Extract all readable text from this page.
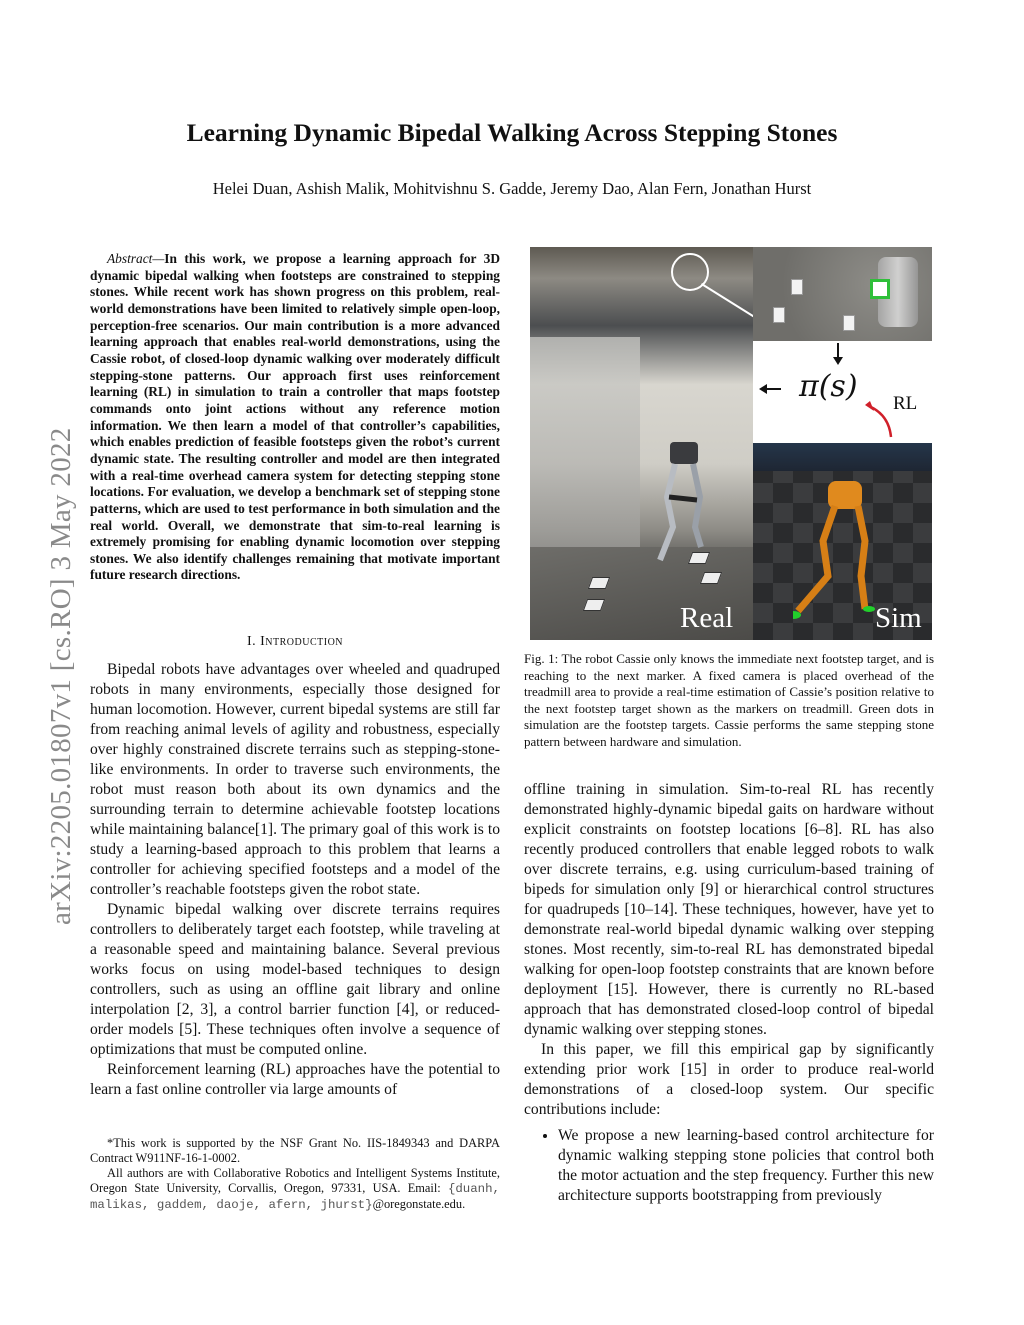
Learning Dynamic Bipedal Walking Across Stepping Stones
Helei Duan, Ashish Malik, Mohitvishnu S. Gadde, Jeremy Dao, Alan Fern, Jonathan Hurst
arXiv:2205.01807v1 [cs.RO] 3 May 2022
Abstract—In this work, we propose a learning approach for 3D dynamic bipedal walking when footsteps are constrained to stepping stones. While recent work has shown progress on this problem, real-world demonstrations have been limited to relatively simple open-loop, perception-free scenarios. Our main contribution is a more advanced learning approach that enables real-world demonstrations, using the Cassie robot, of closed-loop dynamic walking over moderately difficult stepping-stone patterns. Our approach first uses reinforcement learning (RL) in simulation to train a controller that maps footstep commands onto joint actions without any reference motion information. We then learn a model of that controller’s capabilities, which enables prediction of feasible footsteps given the robot’s current dynamic state. The resulting controller and model are then integrated with a real-time overhead camera system for detecting stepping stone locations. For evaluation, we develop a benchmark set of stepping stone patterns, which are used to test performance in both simulation and the real world. Overall, we demonstrate that sim-to-real learning is extremely promising for enabling dynamic locomotion over stepping stones. We also identify challenges remaining that motivate important future research directions.
I. Introduction

Bipedal robots have advantages over wheeled and quadruped robots in many environments, especially those designed for human locomotion. However, current bipedal systems are still far from reaching animal levels of agility and robustness, especially over highly constrained discrete terrains such as stepping-stone-like environments. In order to traverse such environments, the robot must reason both about its own dynamics and the surrounding terrain to determine achievable footstep locations while maintaining balance[1]. The primary goal of this work is to study a learning-based approach to this problem that learns a controller for achieving specified footsteps and a model of the controller’s reachable footsteps given the robot state.

Dynamic bipedal walking over discrete terrains requires controllers to deliberately target each footstep, while traveling at a reasonable speed and maintaining balance. Several previous works focus on using model-based techniques to design controllers, such as using an offline gait library and online interpolation [2, 3], a control barrier function [4], or reduced-order models [5]. These techniques often involve a sequence of optimizations that must be computed online.

Reinforcement learning (RL) approaches have the potential to learn a fast online controller via large amounts of

*This work is supported by the NSF Grant No. IIS-1849343 and DARPA Contract W911NF-16-1-0002.

All authors are with Collaborative Robotics and Intelligent Systems Institute, Oregon State University, Corvallis, Oregon, 97331, USA. Email: {duanh, malikas, gaddem, daoje, afern, jhurst}@oregonstate.edu.

Real
π(s) RL
Sim
Fig. 1: The robot Cassie only knows the immediate next footstep target, and is reaching to the next marker. A fixed camera is placed overhead of the treadmill area to provide a real-time estimation of Cassie’s position relative to the next footstep target shown as the markers on treadmill. Green dots in simulation are the footstep targets. Cassie performs the same stepping stone pattern between hardware and simulation.

offline training in simulation. Sim-to-real RL has recently demonstrated highly-dynamic bipedal gaits on hardware without explicit constraints on footstep locations [6–8]. RL has also recently produced controllers that enable legged robots to walk over discrete terrains, e.g. using curriculum-based training of bipeds for simulation only [9] or hierarchical control structures for quadrupeds [10–14]. These techniques, however, have yet to demonstrate real-world bipedal dynamic walking over stepping stones. Most recently, sim-to-real RL has demonstrated bipedal walking for open-loop footstep constraints that are known before deployment [15]. However, there is currently no RL-based approach that has demonstrated closed-loop control of bipedal dynamic walking over stepping stones.

In this paper, we fill this empirical gap by significantly extending prior work [15] in order to produce real-world demonstrations of a closed-loop system. Our specific contributions include:

• We propose a new learning-based control architecture for dynamic walking stepping stone policies that control both the motor actuation and the step frequency. Further this new architecture supports bootstrapping from previously
